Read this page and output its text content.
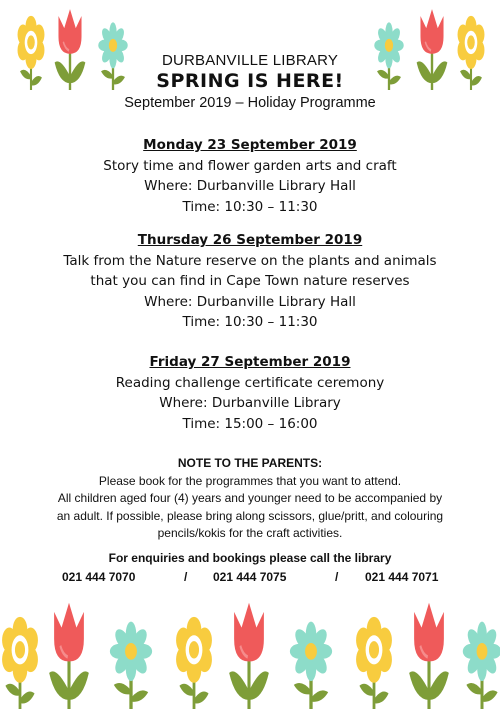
DURBANVILLE LIBRARY
SPRING IS HERE!
September 2019 – Holiday Programme
Monday 23 September 2019
Story time and flower garden arts and craft
Where: Durbanville Library Hall
Time: 10:30 – 11:30
Thursday 26 September 2019
Talk from the Nature reserve on the plants and animals
that you can find in Cape Town nature reserves
Where: Durbanville Library Hall
Time: 10:30 – 11:30
Friday 27 September 2019
Reading challenge certificate ceremony
Where: Durbanville Library
Time: 15:00 – 16:00
NOTE TO THE PARENTS:
Please book for the programmes that you want to attend.
All children aged four (4) years and younger need to be accompanied by
an adult. If possible, please bring along scissors, glue/pritt, and colouring
pencils/kokis for the craft activities.
For enquiries and bookings please call the library
021 444 7070	/ 021 444 7075	/ 021 444 7071
